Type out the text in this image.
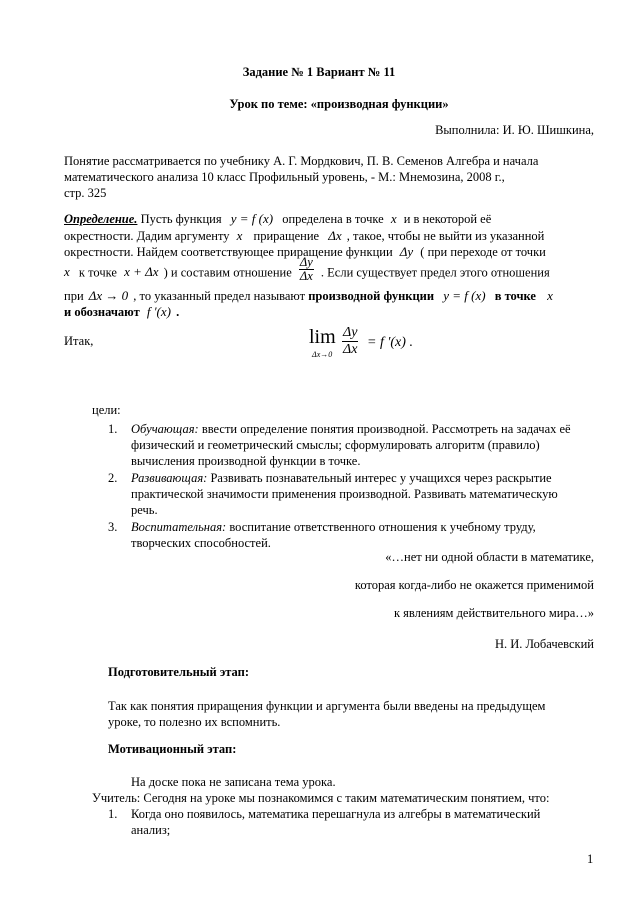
Задание № 1 Вариант № 11
Урок по теме: «производная функции»
Выполнила: И. Ю. Шишкина,
Понятие рассматривается по учебнику А. Г. Мордкович, П. В. Семенов Алгебра и начала
математического анализа 10 класс Профильный уровень, - М.: Мнемозина, 2008 г.,
стр. 325
Определение. Пусть функция y = f (x) определена в точке x и в некоторой её
окрестности. Дадим аргументу x приращение Δx , такое, чтобы не выйти из указанной
окрестности. Найдем соответствующее приращение функции Δy ( при переходе от точки
x к точке x + Δx ) и составим отношение $\frac{\Delta y}{\Delta x}$ . Если существует предел этого отношения
при Δx → 0 , то указанный предел называют производной функции y = f (x) в точке x
и обозначают f ′(x) .
Итак,	lim
$\Delta x\to 0 \frac{\Delta y}{\Delta x} = f$ ′(x) .
цели:
1. Обучающая: ввести определение понятия производной. Рассмотреть на задачах её
физический и геометрический смыслы; сформулировать алгоритм (правило)
вычисления производной функции в точке.
2. Развивающая: Развивать познавательный интерес у учащихся через раскрытие
практической значимости применения производной. Развивать математическую
речь.
3. Воспитательная: воспитание ответственного отношения к учебному труду,
творческих способностей.
«…нет ни одной области в математике,
которая когда-либо не окажется применимой
к явлениям действительного мира…»
Н. И. Лобачевский
Подготовительный этап:
Так как понятия приращения функции и аргумента были введены на предыдущем
уроке, то полезно их вспомнить.
Мотивационный этап:
На доске пока не записана тема урока.
Учитель: Сегодня на уроке мы познакомимся с таким математическим понятием, что:
1. Когда оно появилось, математика перешагнула из алгебры в математический
анализ;
1
